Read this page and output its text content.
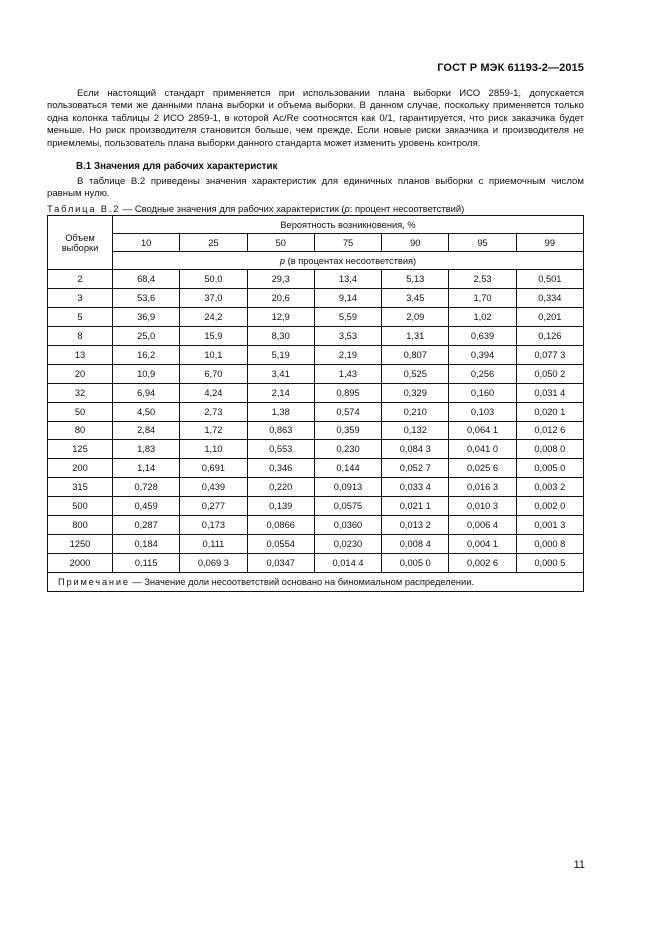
ГОСТ Р МЭК 61193-2—2015

Если настоящий стандарт применяется при использовании плана выборки ИСО 2859-1, допускается пользоваться теми же данными плана выборки и объема выборки. В данном случае, поскольку применяется только одна колонка таблицы 2 ИСО 2859-1, в которой Ac/Re соотносятся как 0/1, гарантируется, что риск заказчика будет меньше. Но риск производителя становится больше, чем прежде. Если новые риски заказчика и производителя не приемлемы, пользователь плана выборки данного стандарта может изменить уровень контроля.

В.1 Значения для рабочих характеристик

В таблице В.2 приведены значения характеристик для единичных планов выборки с приемочным числом равным нулю.

Таблица В.2 — Сводные значения для рабочих характеристик (p: процент несоответствий)
Объем выборки	Вероятность возникновения, %						
	10	25	50	75	90	95	99
	p (в процентах несоответствия)						
2	68,4	50,0	29,3	13,4	5,13	2,53	0,501
3	53,6	37,0	20,6	9,14	3,45	1,70	0,334
5	36,9	24,2	12,9	5,59	2,09	1,02	0,201
8	25,0	15,9	8,30	3,53	1,31	0,639	0,126
13	16,2	10,1	5,19	2,19	0,807	0,394	0,077 3
20	10,9	6,70	3,41	1,43	0,525	0,256	0,050 2
32	6,94	4,24	2,14	0,895	0,329	0,160	0,031 4
50	4,50	2,73	1,38	0,574	0,210	0,103	0,020 1
80	2,84	1,72	0,863	0,359	0,132	0,064 1	0,012 6
125	1,83	1,10	0,553	0,230	0,084 3	0,041 0	0,008 0
200	1,14	0,691	0,346	0,144	0,052 7	0,025 6	0,005 0
315	0,728	0,439	0,220	0,0913	0,033 4	0,016 3	0,003 2
500	0,459	0,277	0,139	0,0575	0,021 1	0,010 3	0,002 0
800	0,287	0,173	0,0866	0,0360	0,013 2	0,006 4	0,001 3
1250	0,184	0,111	0,0554	0,0230	0,008 4	0,004 1	0,000 8
2000	0,115	0,069 3	0,0347	0,014 4	0,005 0	0,002 6	0,000 5
Примечание — Значение доли несоответствий основано на биномиальном распределении.							
11
